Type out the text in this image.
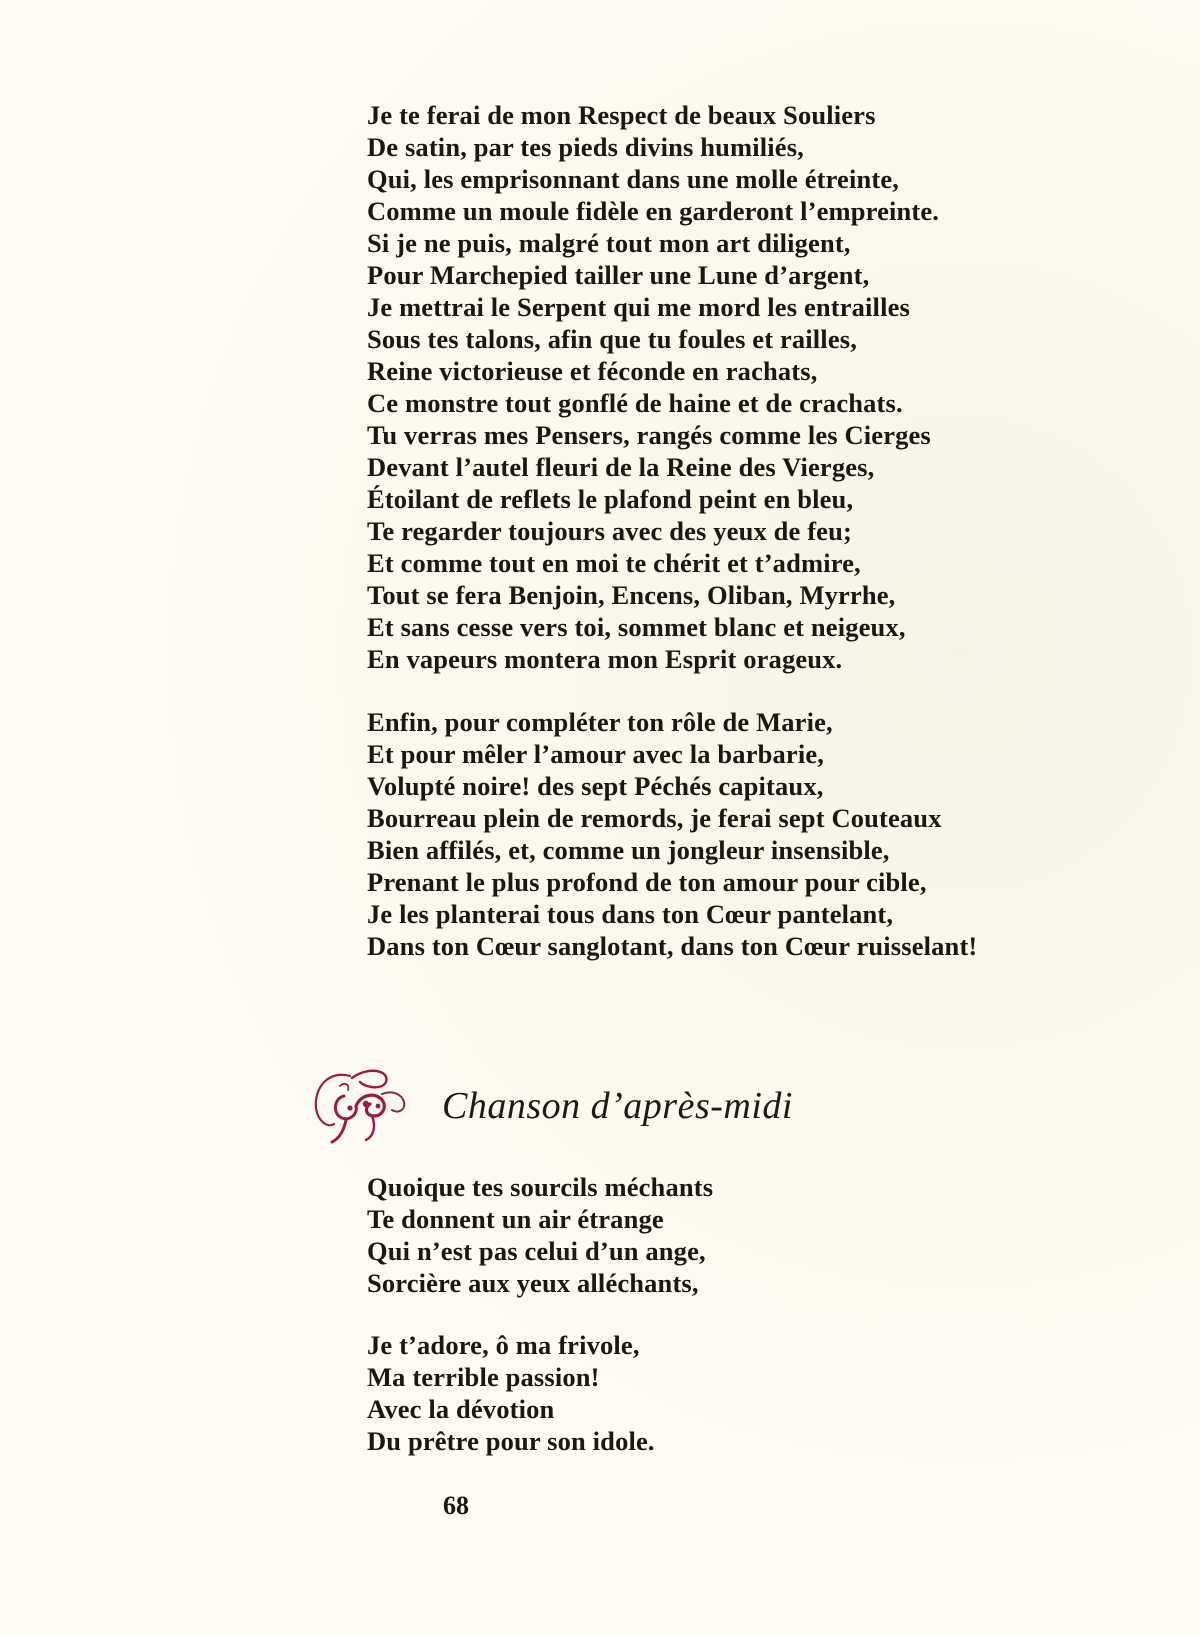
Je te ferai de mon Respect de beaux Souliers
De satin, par tes pieds divins humiliés,
Qui, les emprisonnant dans une molle étreinte,
Comme un moule fidèle en garderont l’empreinte.
Si je ne puis, malgré tout mon art diligent,
Pour Marchepied tailler une Lune d’argent,
Je mettrai le Serpent qui me mord les entrailles
Sous tes talons, afin que tu foules et railles,
Reine victorieuse et féconde en rachats,
Ce monstre tout gonflé de haine et de crachats.
Tu verras mes Pensers, rangés comme les Cierges
Devant l’autel fleuri de la Reine des Vierges,
Étoilant de reflets le plafond peint en bleu,
Te regarder toujours avec des yeux de feu;
Et comme tout en moi te chérit et t’admire,
Tout se fera Benjoin, Encens, Oliban, Myrrhe,
Et sans cesse vers toi, sommet blanc et neigeux,
En vapeurs montera mon Esprit orageux.
Enfin, pour compléter ton rôle de Marie,
Et pour mêler l’amour avec la barbarie,
Volupté noire! des sept Péchés capitaux,
Bourreau plein de remords, je ferai sept Couteaux
Bien affilés, et, comme un jongleur insensible,
Prenant le plus profond de ton amour pour cible,
Je les planterai tous dans ton Cœur pantelant,
Dans ton Cœur sanglotant, dans ton Cœur ruisselant!
Chanson d’après-midi
Quoique tes sourcils méchants
Te donnent un air étrange
Qui n’est pas celui d’un ange,
Sorcière aux yeux alléchants,
Je t’adore, ô ma frivole,
Ma terrible passion!
Avec la dévotion
Du prêtre pour son idole.
68
